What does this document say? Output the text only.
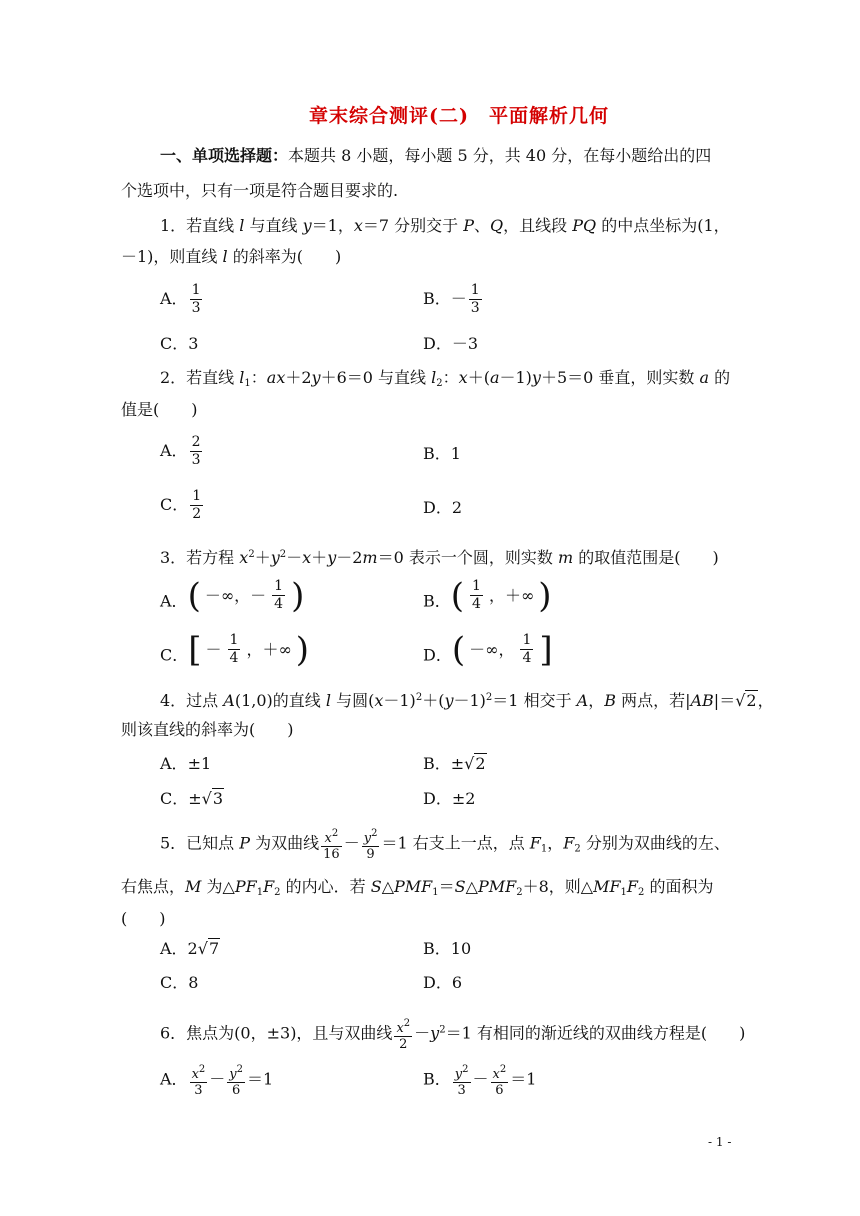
章末综合测评(二)　平面解析几何
一、单项选择题：本题共 8 小题，每小题 5 分，共 40 分，在每小题给出的四
个选项中，只有一项是符合题目要求的.
1．若直线 l 与直线 y＝1，x＝7 分别交于 P、Q，且线段 PQ 的中点坐标为(1，
－1)，则直线 l 的斜率为(　　)
A． $\frac{1}{3}$	B．－ $\frac{1}{3}$
C．3	D．－3
2．若直线 $l_1$：ax＋2y＋6＝0 与直线 $l_2$：x＋(a－1)y＋5＝0 垂直，则实数 a 的
值是(　　)
A． $\frac{2}{3}$	B．1
C． $\frac{1}{2}$	D．2
3．若方程 $x^2+y^2-x+y-2m=0$ 表示一个圆，则实数 m 的取值范围是(　　)
A． ( －∞，－ $\frac{1}{4}$ )	B． ( $\frac{1}{4}$ ，＋∞ )
C． [ － $\frac{1}{4}$ ，＋∞ )	D． ( －∞， $\frac{1}{4}$ ]
4．过点 A(1,0)的直线 l 与圆$(x-1)^2+(y-1)^2=1$ 相交于 A，B 两点，若|AB|＝√2，
则该直线的斜率为(　　)
A．±1	B．±√2
C．±√3	D．±2
5．已知点 P 为双曲线 $\frac{x^2}{16} - \frac{y^2}{9} =1$ 右支上一点，点 $F_1$，$F_2$ 分别为双曲线的左、
右焦点，M 为$\triangle PF_1F_2$ 的内心．若 $S\triangle PMF_1=S\triangle PMF_2+8$，则$\triangle MF_1F_2$ 的面积为
(　　)
A．2√7	B．10
C．8	D．6
6．焦点为(0，±3)，且与双曲线 $\frac{x^2}{2} -y^2=1$ 有相同的渐近线的双曲线方程是(　　)
A． $\frac{x^2}{3} - \frac{y^2}{6} =1$	B． $\frac{y^2}{3} - \frac{x^2}{6} =1$
- 1 -
